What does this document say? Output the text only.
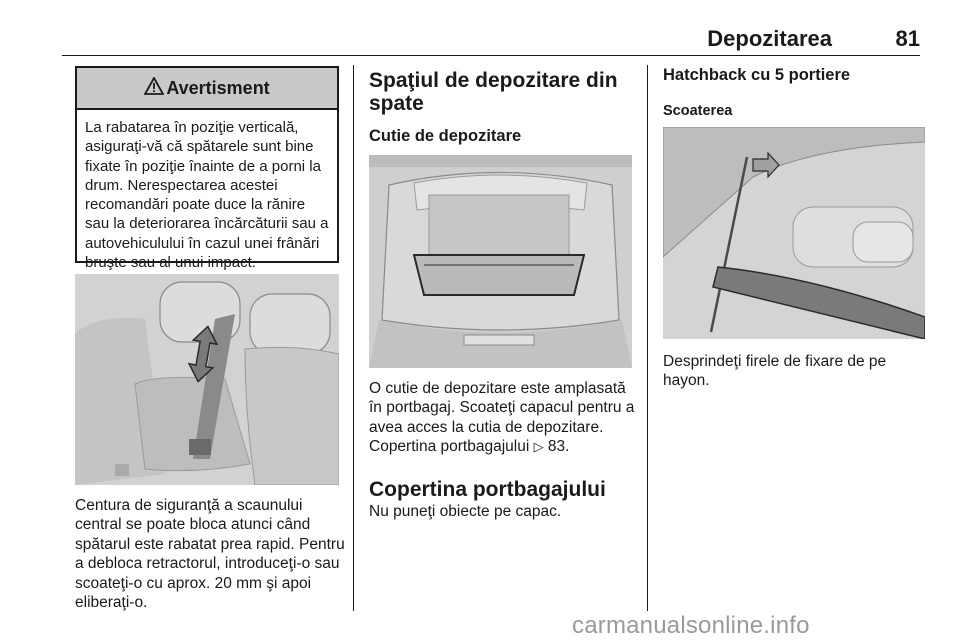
Depozitarea	81
Avertisment
La rabatarea în poziţie verticală, asiguraţi-vă că spătarele sunt bine fixate în poziţie înainte de a porni la drum. Nerespectarea acestei recomandări poate duce la rănire sau la deteriorarea încărcăturii sau a autovehiculului în cazul unei frânări bruşte sau al unui impact.
Centura de siguranţă a scaunului central se poate bloca atunci când spătarul este rabatat prea rapid. Pentru a debloca retractorul, introduceţi-o sau scoateţi-o cu aprox. 20 mm şi apoi eliberaţi-o.
Spaţiul de depozitare din spate
Cutie de depozitare
O cutie de depozitare este amplasată în portbagaj. Scoateţi capacul pentru a avea acces la cutia de depozitare. Copertina portbagajului ▷ 83.
Copertina portbagajului
Nu puneţi obiecte pe capac.
Hatchback cu 5 portiere
Scoaterea
Desprindeţi firele de fixare de pe hayon.
carmanualsonline.info
